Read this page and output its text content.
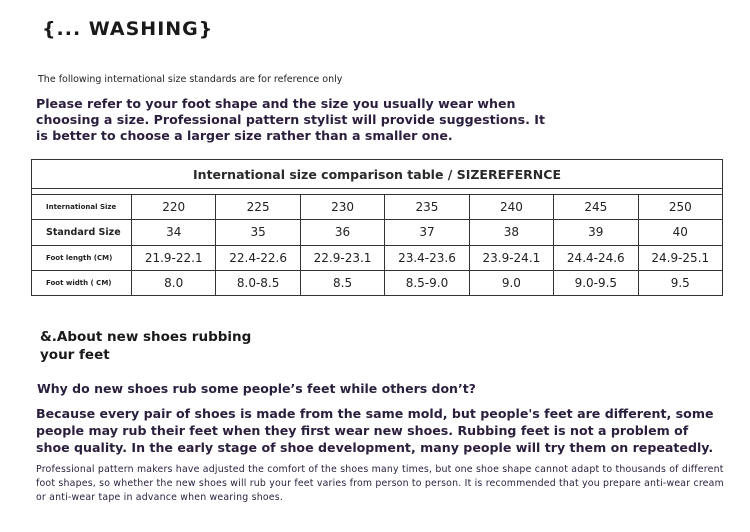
{... WASHING}
The following international size standards are for reference only
Please refer to your foot shape and the size you usually wear when choosing a size. Professional pattern stylist will provide suggestions. It is better to choose a larger size rather than a smaller one.
International size comparison table / SIZEREFERNCE							

International Size	220	225	230	235	240	245	250
Standard Size	34	35	36	37	38	39	40
Foot length (CM)	21.9-22.1	22.4-22.6	22.9-23.1	23.4-23.6	23.9-24.1	24.4-24.6	24.9-25.1
Foot width ( CM)	8.0	8.0-8.5	8.5	8.5-9.0	9.0	9.0-9.5	9.5
&.About new shoes rubbing
your feet
Why do new shoes rub some people’s feet while others don’t?
Because every pair of shoes is made from the same mold, but people's feet are different, some people may rub their feet when they first wear new shoes. Rubbing feet is not a problem of shoe quality. In the early stage of shoe development, many people will try them on repeatedly.
Professional pattern makers have adjusted the comfort of the shoes many times, but one shoe shape cannot adapt to thousands of different foot shapes, so whether the new shoes will rub your feet varies from person to person. It is recommended that you prepare anti-wear cream or anti-wear tape in advance when wearing shoes.
